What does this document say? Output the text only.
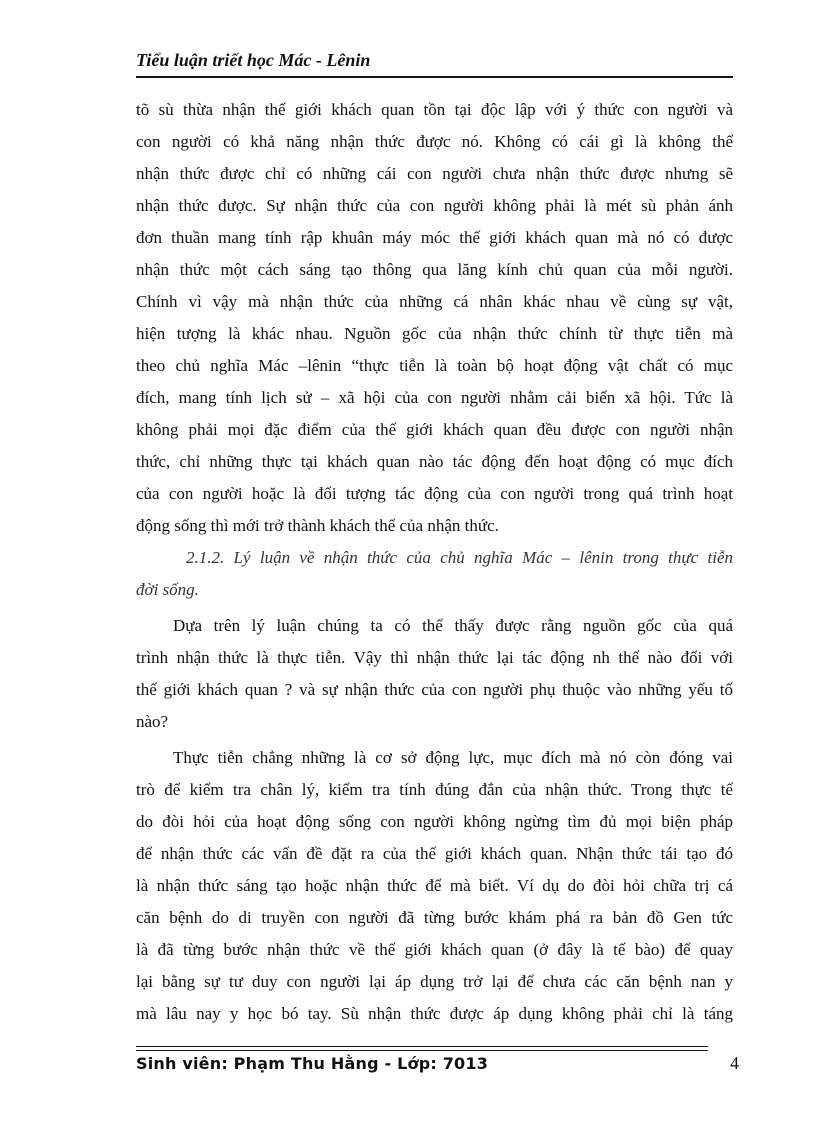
Tiểu luận triết học Mác - Lênin
tõ sù thừa nhận thế giới khách quan tồn tại độc lập với ý thức con người và
con người có khả năng nhận thức được nó. Không có cái gì là không thể
nhận thức được chỉ có những cái con người chưa nhận thức được nhưng sẽ
nhận thức được. Sự nhận thức của con người không phải là mét sù phản ánh
đơn thuần mang tính rập khuân máy móc thế giới khách quan mà nó có được
nhận thức một cách sáng tạo thông qua lăng kính chủ quan của mỗi người.
Chính vì vậy mà nhận thức của những cá nhân khác nhau về cùng sự vật,
hiện tượng là khác nhau. Nguồn gốc của nhận thức chính từ thực tiễn mà
theo chủ nghĩa Mác –lênin “thực tiễn là toàn bộ hoạt động vật chất có mục
đích, mang tính lịch sử – xã hội của con người nhằm cải biến xã hội. Tức là
không phải mọi đặc điểm của thế giới khách quan đều được con người nhận
thức, chỉ những thực tại khách quan nào tác động đến hoạt động có mục đích
của con người hoặc là đối tượng tác động của con người trong quá trình hoạt
động sống thì mới trở thành khách thể của nhận thức.
2.1.2. Lý luận về nhận thức của chủ nghĩa Mác – lênin trong thực tiễn
đời sống.
Dựa trên lý luận chúng ta có thể thấy được rằng nguồn gốc của quá
trình nhận thức là thực tiễn. Vậy thì nhận thức lại tác động nh thế nào đối với
thế giới khách quan ? và sự nhận thức của con người phụ thuộc vào những yếu tố
nào?
Thực tiễn chẳng những là cơ sở động lực, mục đích mà nó còn đóng vai
trò để kiểm tra chân lý, kiểm tra tính đúng đắn của nhận thức. Trong thực tế
do đòi hỏi của hoạt động sống con người không ngừng tìm đủ mọi biện pháp
để nhận thức các vấn đề đặt ra của thế giới khách quan. Nhận thức tái tạo đó
là nhận thức sáng tạo hoặc nhận thức để mà biết. Ví dụ do đòi hỏi chữa trị cá
căn bệnh do di truyền con người đã từng bước khám phá ra bản đồ Gen tức
là đã từng bước nhận thức về thế giới khách quan (ở đây là tế bào) để quay
lại bằng sự tư duy con người lại áp dụng trở lại để chưa các căn bệnh nan y
mà lâu nay y học bó tay. Sù nhận thức được áp dụng không phải chỉ là táng
Sinh viên: Phạm Thu Hằng - Lớp: 7013	4
